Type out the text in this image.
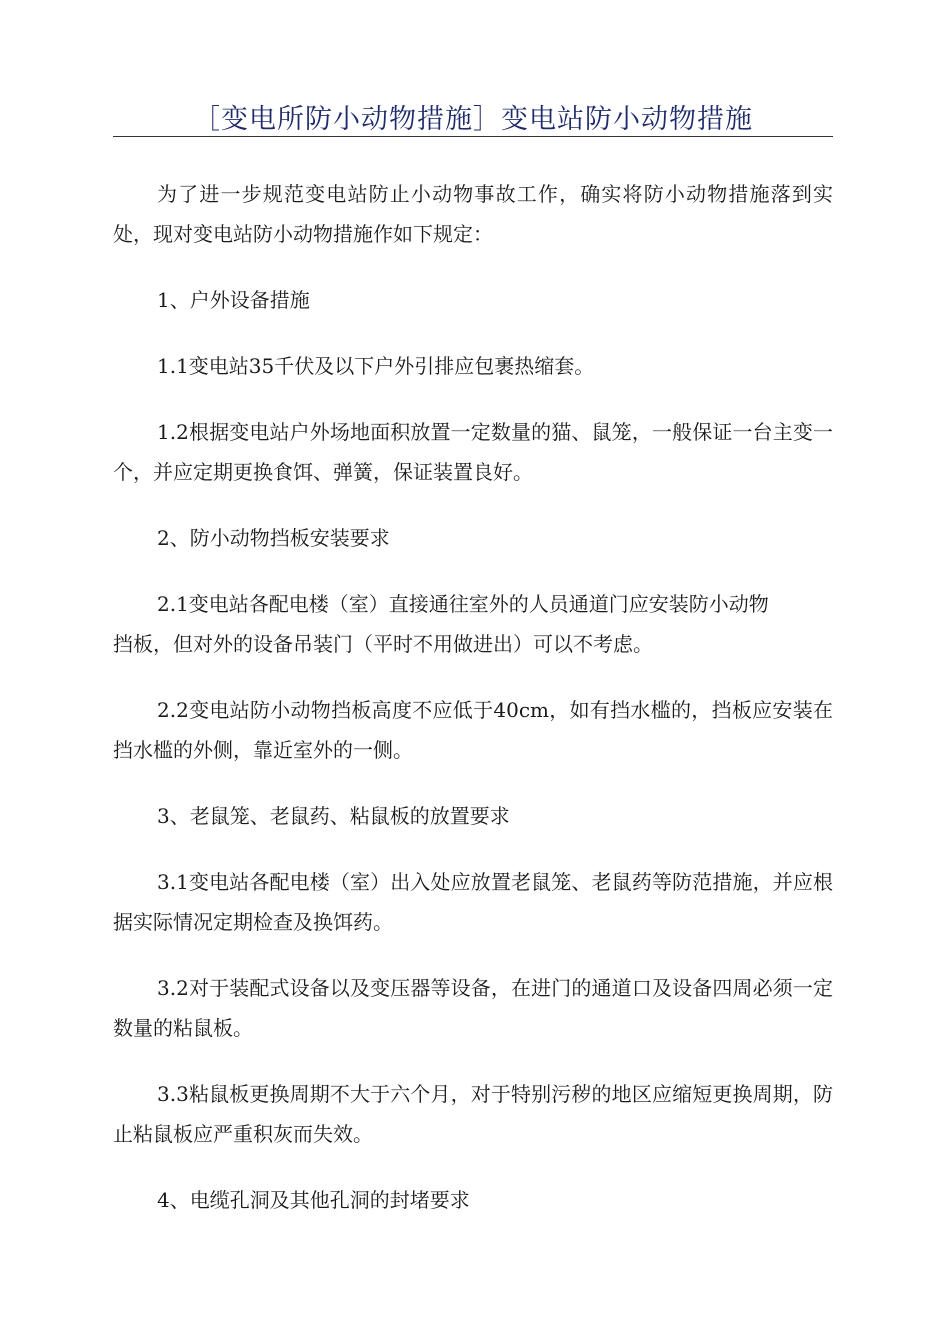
［变电所防小动物措施］变电站防小动物措施

为了进一步规范变电站防止小动物事故工作，确实将防小动物措施落到实处，现对变电站防小动物措施作如下规定：

1、户外设备措施

1.1变电站35千伏及以下户外引排应包裹热缩套。

1.2根据变电站户外场地面积放置一定数量的猫、鼠笼，一般保证一台主变一个，并应定期更换食饵、弹簧，保证装置良好。

2、防小动物挡板安装要求

2.1变电站各配电楼（室）直接通往室外的人员通道门应安装防小动物

挡板，但对外的设备吊装门（平时不用做进出）可以不考虑。

2.2变电站防小动物挡板高度不应低于40cm，如有挡水槛的，挡板应安装在挡水槛的外侧，靠近室外的一侧。

3、老鼠笼、老鼠药、粘鼠板的放置要求

3.1变电站各配电楼（室）出入处应放置老鼠笼、老鼠药等防范措施，并应根据实际情况定期检查及换饵药。

3.2对于装配式设备以及变压器等设备，在进门的通道口及设备四周必须一定数量的粘鼠板。

3.3粘鼠板更换周期不大于六个月，对于特别污秽的地区应缩短更换周期，防止粘鼠板应严重积灰而失效。

4、电缆孔洞及其他孔洞的封堵要求
